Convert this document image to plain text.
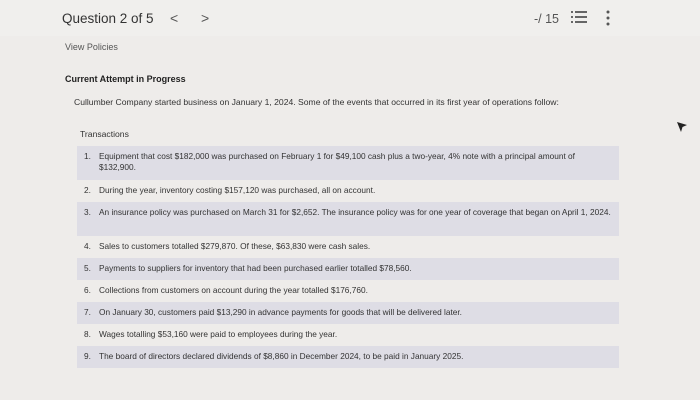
Question 2 of 5 < >	-/ 15
View Policies
Current Attempt in Progress
Cullumber Company started business on January 1, 2024. Some of the events that occurred in its first year of operations follow:
Transactions
1. Equipment that cost $182,000 was purchased on February 1 for $49,100 cash plus a two-year, 4% note with a principal amount of $132,900.
2. During the year, inventory costing $157,120 was purchased, all on account.
3. An insurance policy was purchased on March 31 for $2,652. The insurance policy was for one year of coverage that began on April 1, 2024.
4. Sales to customers totalled $279,870. Of these, $63,830 were cash sales.
5. Payments to suppliers for inventory that had been purchased earlier totalled $78,560.
6. Collections from customers on account during the year totalled $176,760.
7. On January 30, customers paid $13,290 in advance payments for goods that will be delivered later.
8. Wages totalling $53,160 were paid to employees during the year.
9. The board of directors declared dividends of $8,860 in December 2024, to be paid in January 2025.
